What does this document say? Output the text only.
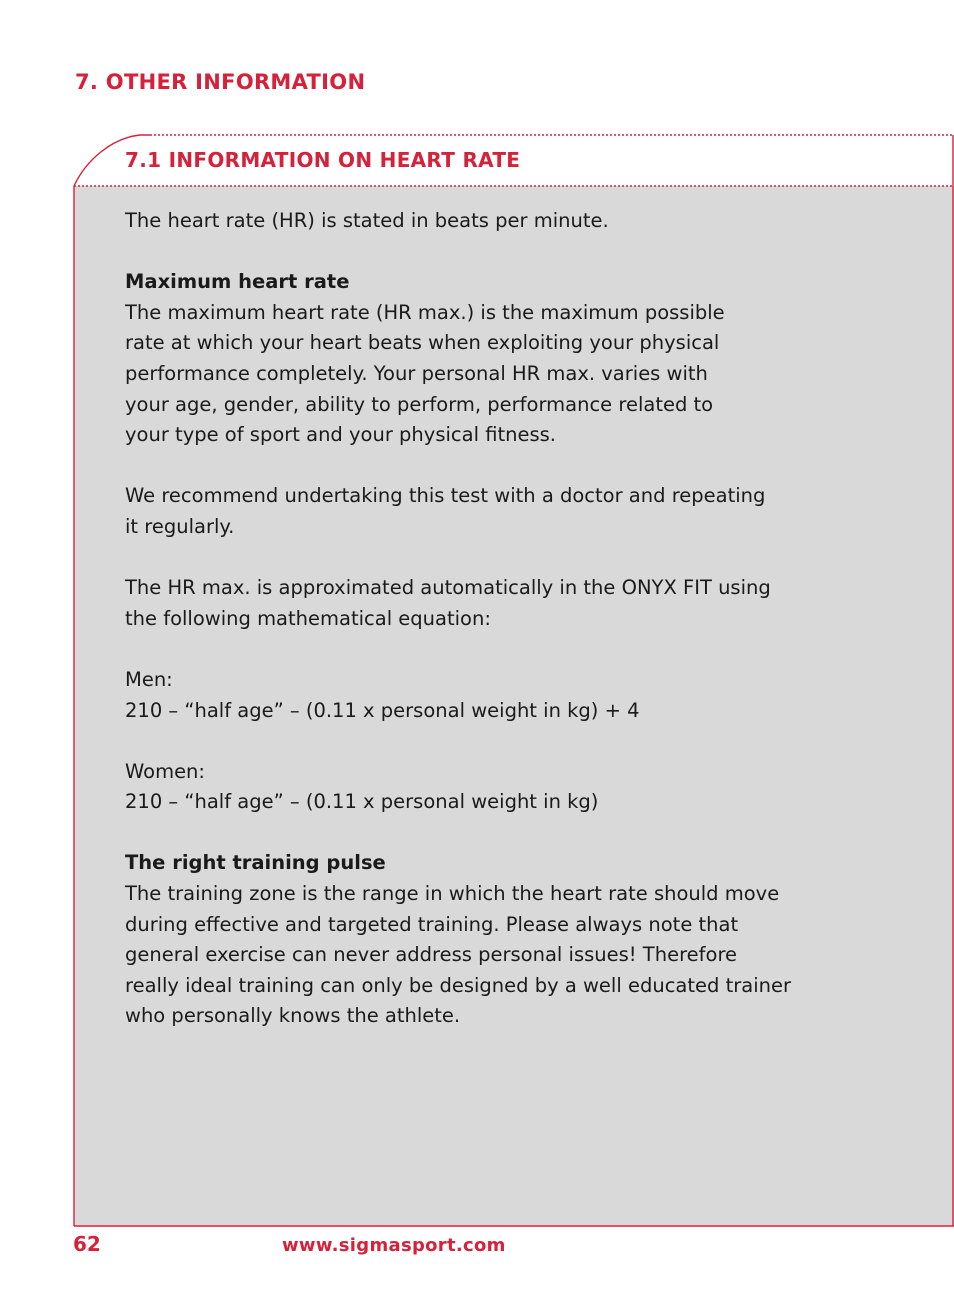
7. OTHER INFORMATION
7.1 INFORMATION ON HEART RATE

The heart rate (HR) is stated in beats per minute.

Maximum heart rate

The maximum heart rate (HR max.) is the maximum possible
rate at which your heart beats when exploiting your physical
performance completely. Your personal HR max. varies with
your age, gender, ability to perform, performance related to
your type of sport and your physical fitness.

We recommend undertaking this test with a doctor and repeating
it regularly.

The HR max. is approximated automatically in the ONYX FIT using
the following mathematical equation:

Men:

210 – “half age” – (0.11 x personal weight in kg) + 4

Women:

210 – “half age” – (0.11 x personal weight in kg)

The right training pulse

The training zone is the range in which the heart rate should move
during effective and targeted training. Please always note that
general exercise can never address personal issues! Therefore
really ideal training can only be designed by a well educated trainer
who personally knows the athlete.

62	www.sigmasport.com
